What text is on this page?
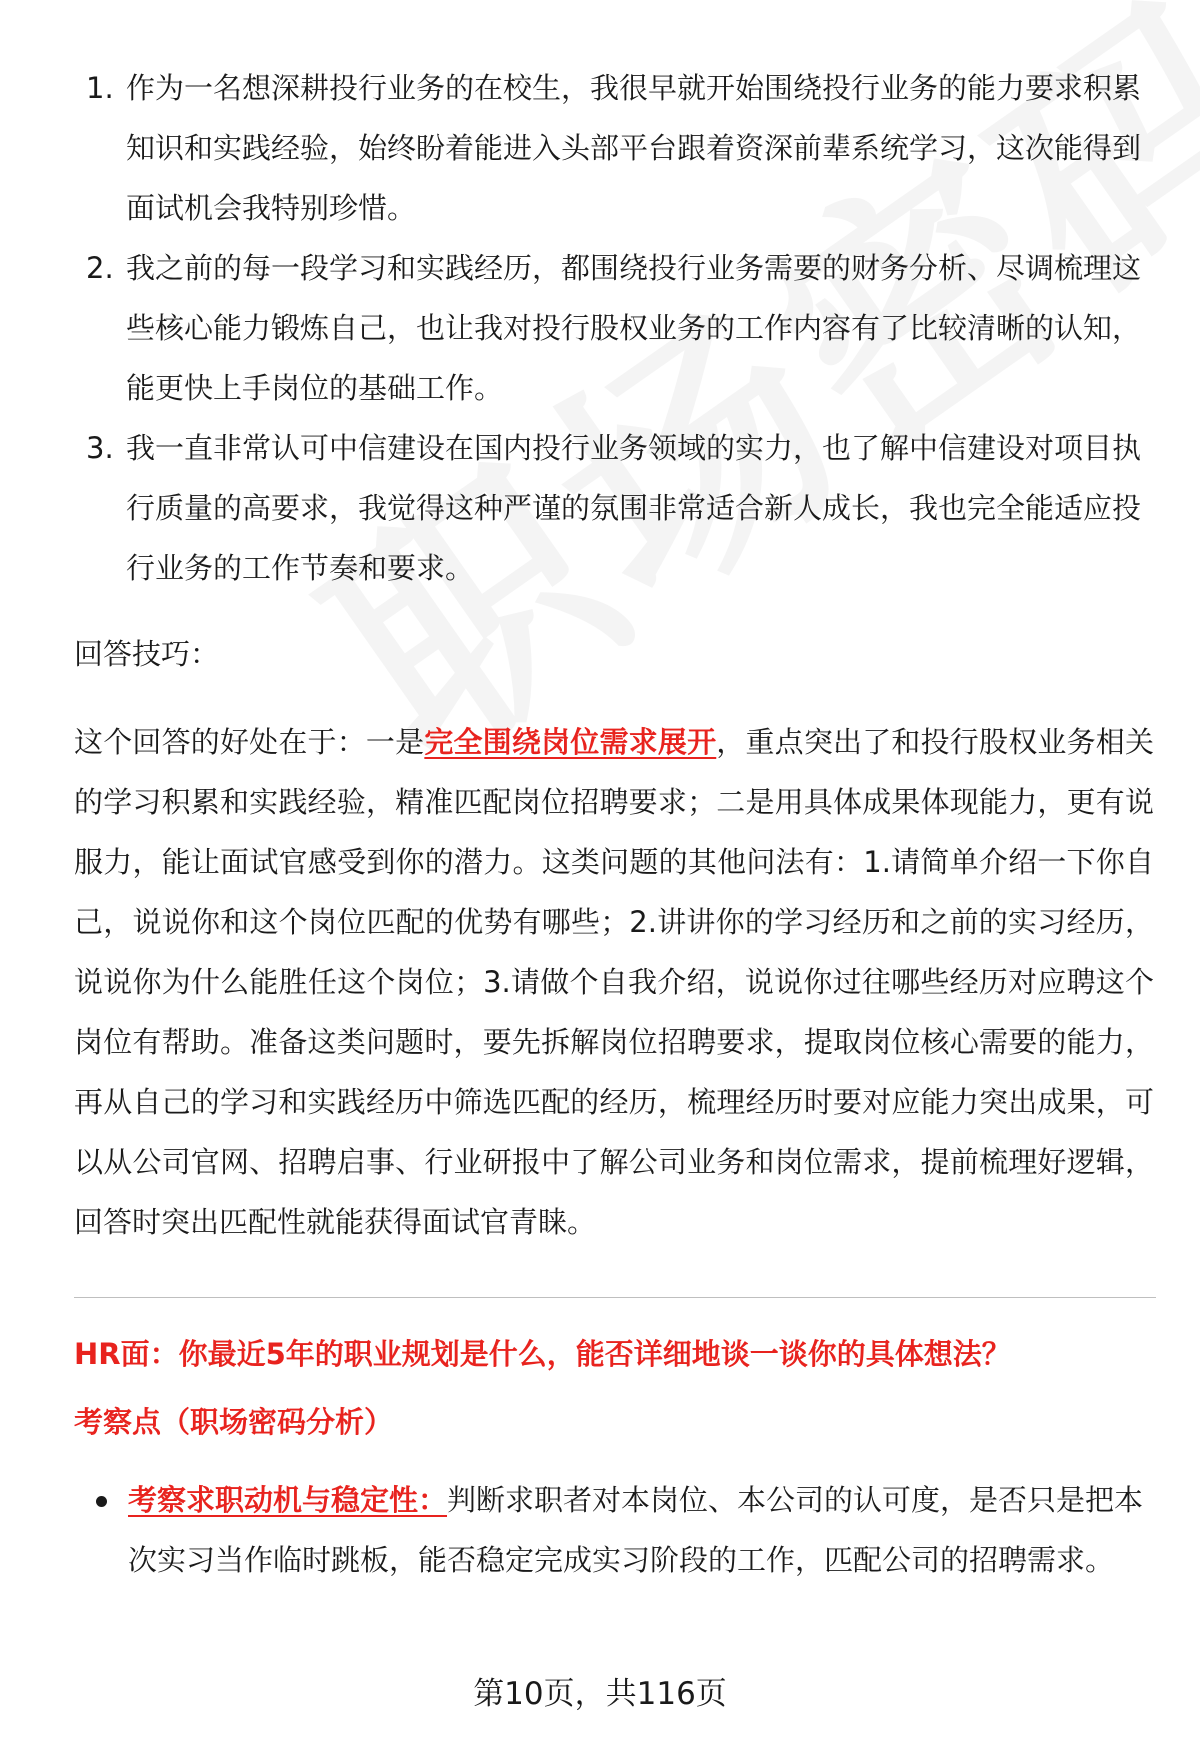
1. 作为一名想深耕投行业务的在校生，我很早就开始围绕投行业务的能力要求积累知识和实践经验，始终盼着能进入头部平台跟着资深前辈系统学习，这次能得到面试机会我特别珍惜。
2. 我之前的每一段学习和实践经历，都围绕投行业务需要的财务分析、尽调梳理这些核心能力锻炼自己，也让我对投行股权业务的工作内容有了比较清晰的认知，能更快上手岗位的基础工作。
3. 我一直非常认可中信建设在国内投行业务领域的实力，也了解中信建设对项目执行质量的高要求，我觉得这种严谨的氛围非常适合新人成长，我也完全能适应投行业务的工作节奏和要求。
回答技巧：
这个回答的好处在于：一是完全围绕岗位需求展开，重点突出了和投行股权业务相关的学习积累和实践经验，精准匹配岗位招聘要求；二是用具体成果体现能力，更有说服力，能让面试官感受到你的潜力。这类问题的其他问法有：1.请简单介绍一下你自己，说说你和这个岗位匹配的优势有哪些；2.讲讲你的学习经历和之前的实习经历，说说你为什么能胜任这个岗位；3.请做个自我介绍，说说你过往哪些经历对应聘这个岗位有帮助。准备这类问题时，要先拆解岗位招聘要求，提取岗位核心需要的能力，再从自己的学习和实践经历中筛选匹配的经历，梳理经历时要对应能力突出成果，可以从公司官网、招聘启事、行业研报中了解公司业务和岗位需求，提前梳理好逻辑，回答时突出匹配性就能获得面试官青睐。
HR面：你最近5年的职业规划是什么，能否详细地谈一谈你的具体想法？
考察点（职场密码分析）
考察求职动机与稳定性：判断求职者对本岗位、本公司的认可度，是否只是把本次实习当作临时跳板，能否稳定完成实习阶段的工作，匹配公司的招聘需求。
第10页，共116页
